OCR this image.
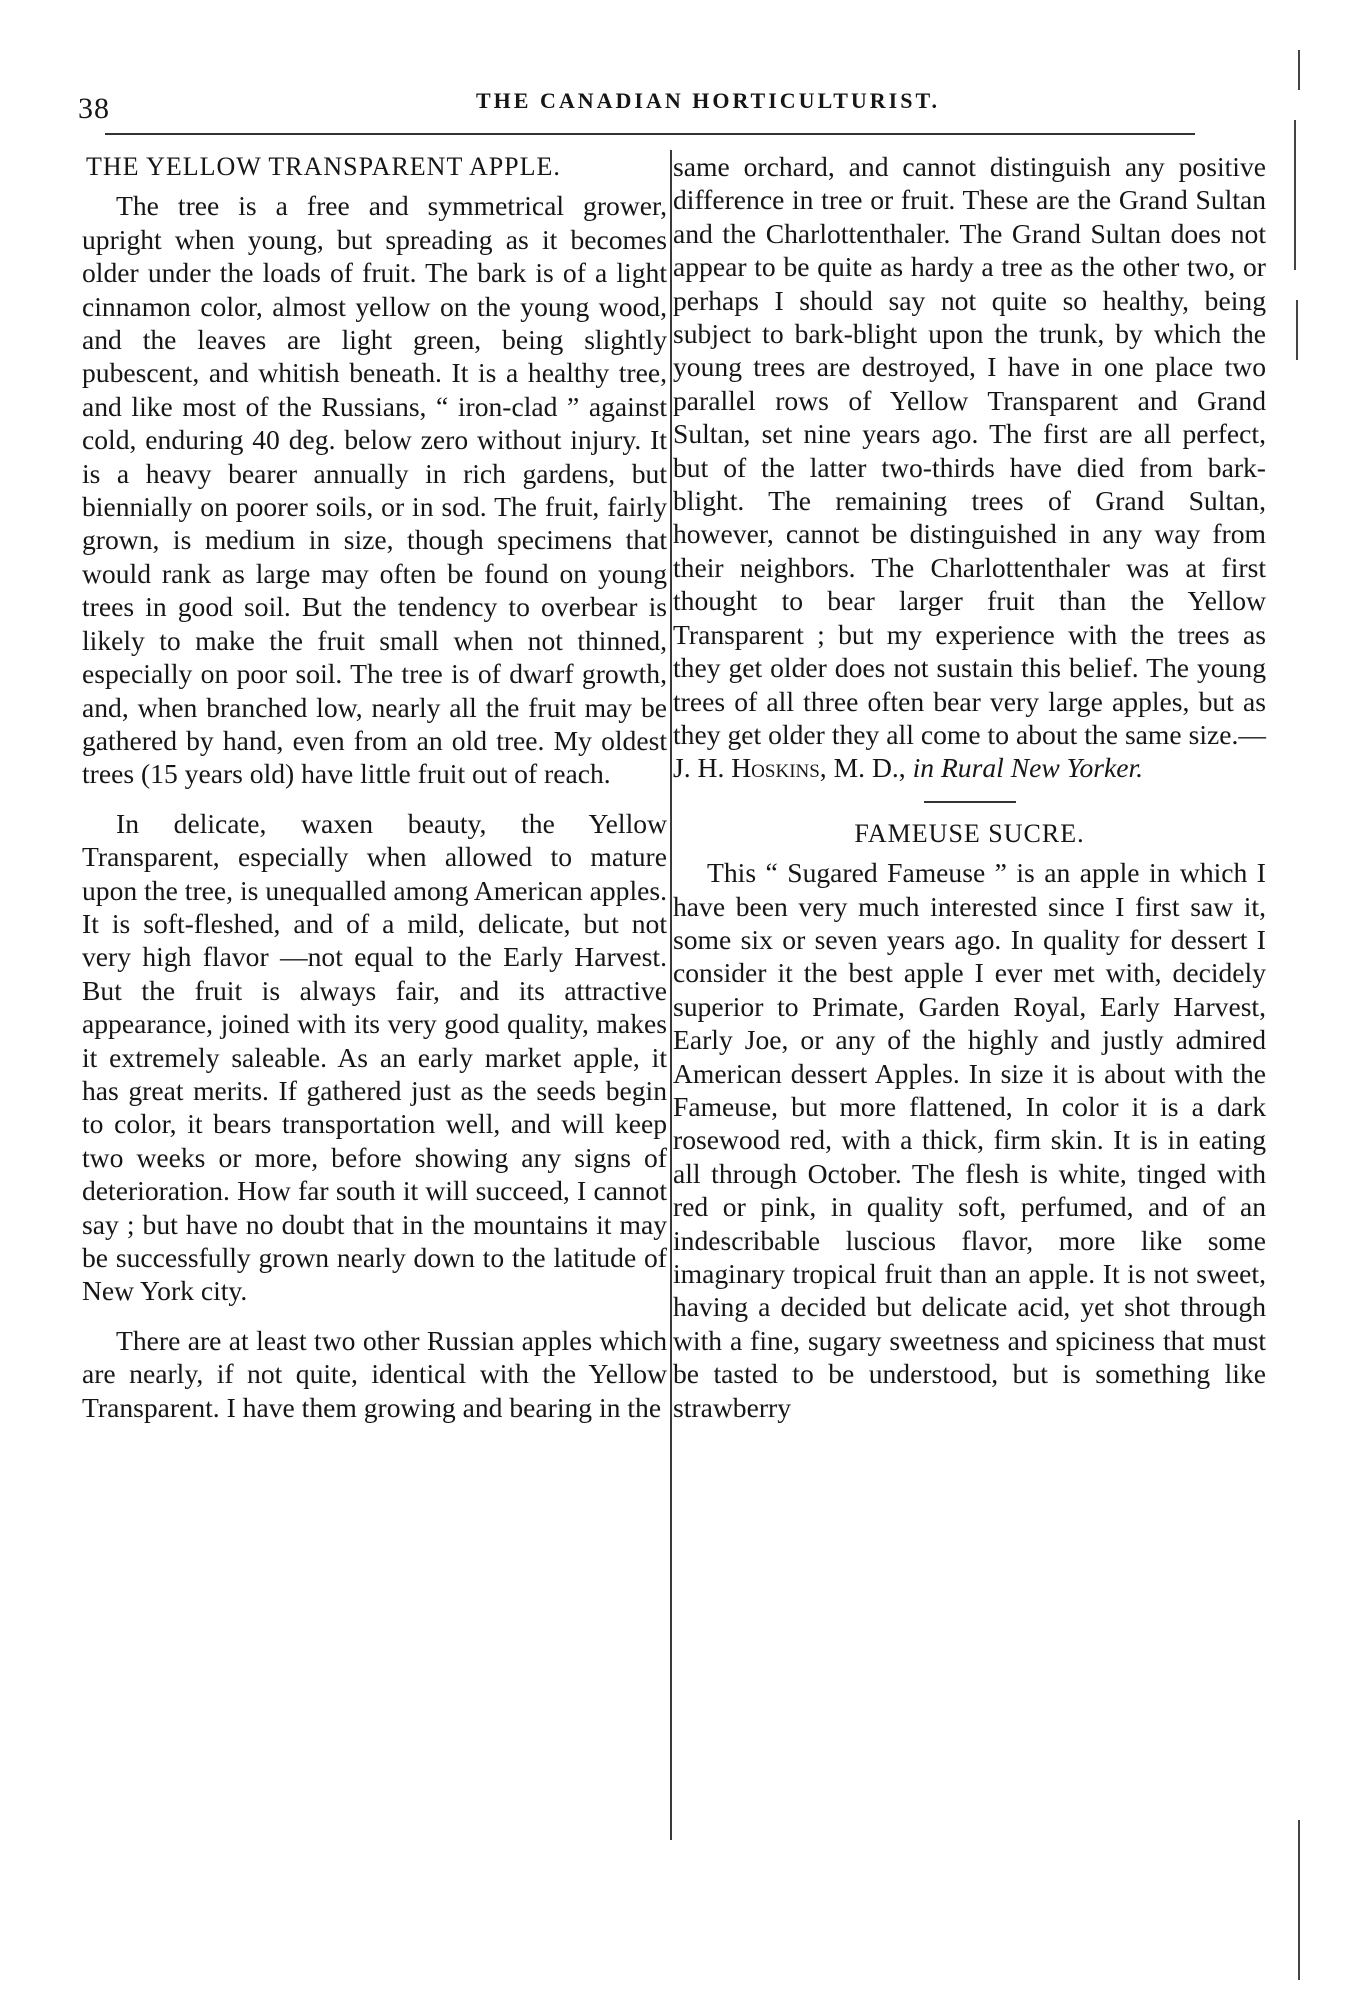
38	THE CANADIAN HORTICULTURIST.
THE YELLOW TRANSPARENT APPLE.

The tree is a free and symmetrical grower, upright when young, but spreading as it becomes older under the loads of fruit. The bark is of a light cinnamon color, almost yellow on the young wood, and the leaves are light green, being slightly pubescent, and whitish beneath. It is a healthy tree, and like most of the Russians, “ iron-clad ” against cold, enduring 40 deg. below zero without injury. It is a heavy bearer annually in rich gardens, but biennially on poorer soils, or in sod. The fruit, fairly grown, is medium in size, though specimens that would rank as large may often be found on young trees in good soil. But the tendency to overbear is likely to make the fruit small when not thinned, especially on poor soil. The tree is of dwarf growth, and, when branched low, nearly all the fruit may be gathered by hand, even from an old tree. My oldest trees (15 years old) have little fruit out of reach.

In delicate, waxen beauty, the Yellow Transparent, especially when allowed to mature upon the tree, is unequalled among American apples. It is soft-fleshed, and of a mild, delicate, but not very high flavor —not equal to the Early Harvest. But the fruit is always fair, and its attractive appearance, joined with its very good quality, makes it extremely saleable. As an early market apple, it has great merits. If gathered just as the seeds begin to color, it bears transportation well, and will keep two weeks or more, before showing any signs of deterioration. How far south it will succeed, I cannot say ; but have no doubt that in the mountains it may be successfully grown nearly down to the latitude of New York city.

There are at least two other Russian apples which are nearly, if not quite, identical with the Yellow Transparent. I have them growing and bearing in the

same orchard, and cannot distinguish any positive difference in tree or fruit. These are the Grand Sultan and the Charlottenthaler. The Grand Sultan does not appear to be quite as hardy a tree as the other two, or perhaps I should say not quite so healthy, being subject to bark-blight upon the trunk, by which the young trees are destroyed, I have in one place two parallel rows of Yellow Transparent and Grand Sultan, set nine years ago. The first are all perfect, but of the latter two-thirds have died from bark-blight. The remaining trees of Grand Sultan, however, cannot be distinguished in any way from their neighbors. The Charlottenthaler was at first thought to bear larger fruit than the Yellow Transparent ; but my experience with the trees as they get older does not sustain this belief. The young trees of all three often bear very large apples, but as they get older they all come to about the same size.—J. H. Hoskins, M. D., in Rural New Yorker.

FAMEUSE SUCRE.

This “ Sugared Fameuse ” is an apple in which I have been very much interested since I first saw it, some six or seven years ago. In quality for dessert I consider it the best apple I ever met with, decidely superior to Primate, Garden Royal, Early Harvest, Early Joe, or any of the highly and justly admired American dessert Apples. In size it is about with the Fameuse, but more flattened, In color it is a dark rosewood red, with a thick, firm skin. It is in eating all through October. The flesh is white, tinged with red or pink, in quality soft, perfumed, and of an indescribable luscious flavor, more like some imaginary tropical fruit than an apple. It is not sweet, having a decided but delicate acid, yet shot through with a fine, sugary sweetness and spiciness that must be tasted to be understood, but is something like strawberry
